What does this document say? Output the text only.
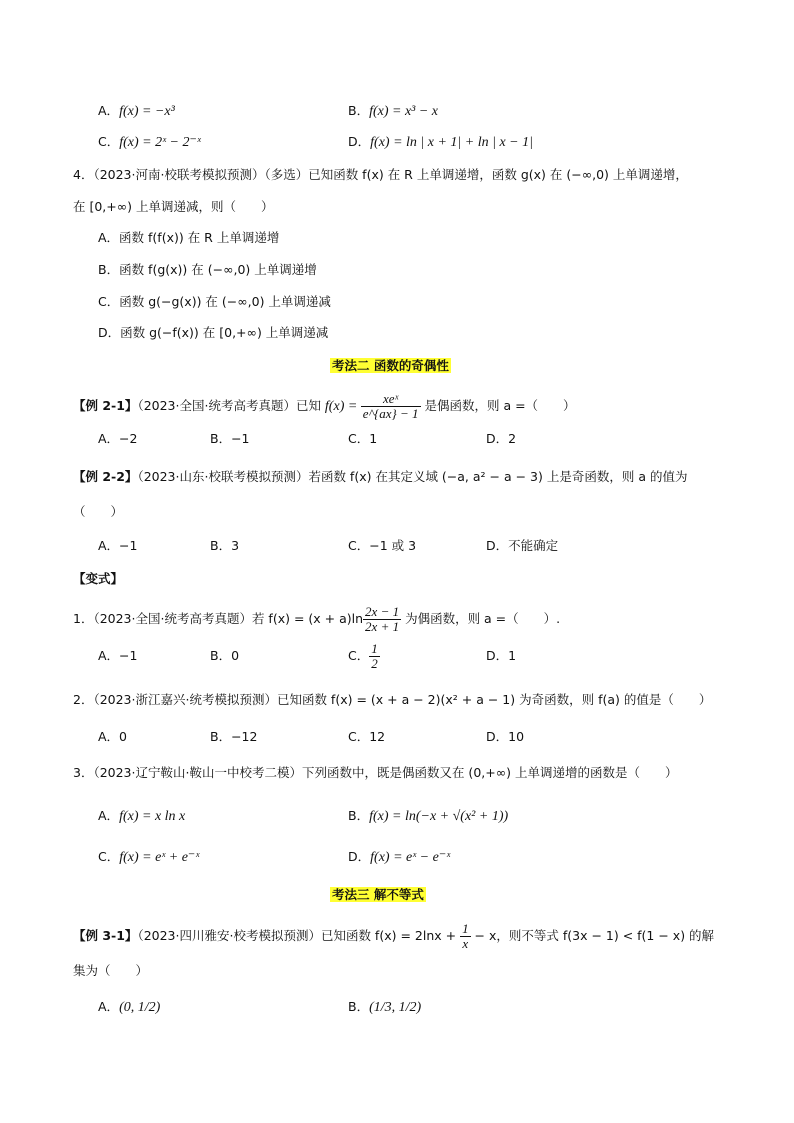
A．f(x) = −x³	B．f(x) = x³ − x
C．f(x) = 2ˣ − 2⁻ˣ	D．f(x) = ln | x + 1| + ln | x − 1|
4．（2023·河南·校联考模拟预测）（多选）已知函数 f(x) 在 R 上单调递增，函数 g(x) 在 (−∞,0) 上单调递增，
在 [0,+∞) 上单调递减，则（　　）
A．函数 f(f(x)) 在 R 上单调递增
B．函数 f(g(x)) 在 (−∞,0) 上单调递增
C．函数 g(−g(x)) 在 (−∞,0) 上单调递减
D．函数 g(−f(x)) 在 [0,+∞) 上单调递减
考法二 函数的奇偶性
【例 2-1】（2023·全国·统考高考真题）已知 $f(x) = \frac{\text{xeˣ}}{e\^{}\{ax\} - 1}$ 是偶函数，则 a =（　　）
A．−2	B．−1	C．1	D．2
【例 2-2】（2023·山东·校联考模拟预测）若函数 f(x) 在其定义域 (−a, a² − a − 3) 上是奇函数，则 a 的值为
（　　）
A．−1	B．3	C．−1 或 3	D．不能确定
【变式】
1．（2023·全国·统考高考真题）若 $f(x) = (x + a)\ln \frac{2x - 1}{2x + 1}$ 为偶函数，则 a =（　　）.
A．−1	B．0	C． $\frac{1}{2}$	D．1
2．（2023·浙江嘉兴·统考模拟预测）已知函数 f(x) = (x + a − 2)(x² + a − 1) 为奇函数，则 f(a) 的值是（　　）
A．0	B．−12	C．12	D．10
3．（2023·辽宁鞍山·鞍山一中校考二模）下列函数中，既是偶函数又在 (0,+∞) 上单调递增的函数是（　　）
A．f(x) = x ln x	B．f(x) = ln(−x + √(x² + 1))
C．f(x) = eˣ + e⁻ˣ	D．f(x) = eˣ − e⁻ˣ
考法三 解不等式
【例 3-1】（2023·四川雅安·校考模拟预测）已知函数 $f(x) = 2\ln x + \frac{1}{x} - x$，则不等式 f(3x − 1) < f(1 − x) 的解
集为（　　）
A．(0, 1/2)	B．(1/3, 1/2)
